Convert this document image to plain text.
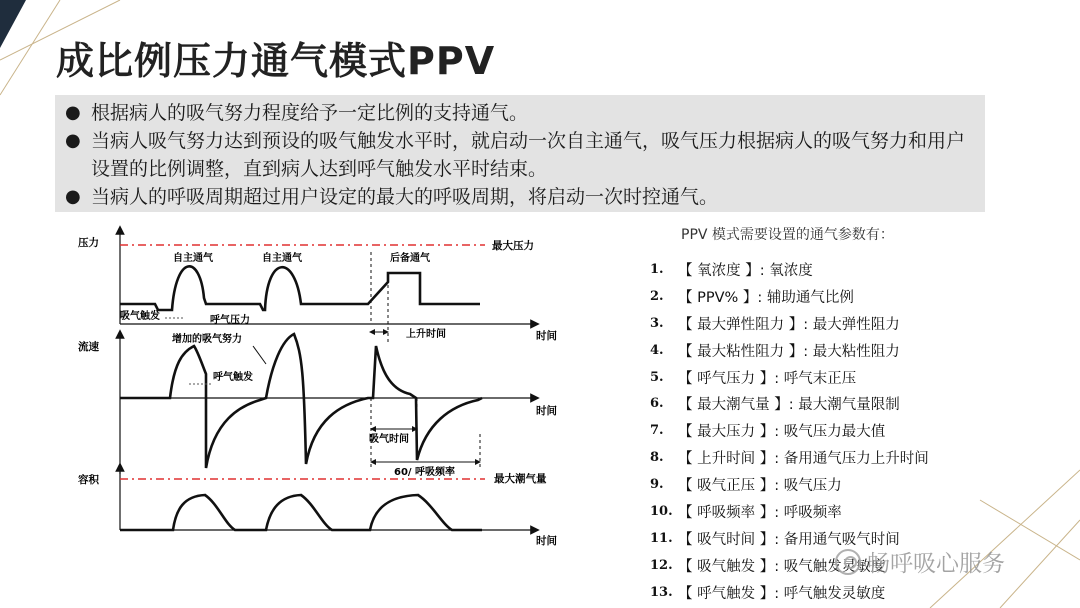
成比例压力通气模式PPV
● 根据病人的吸气努力程度给予一定比例的支持通气。
● 当病人吸气努力达到预设的吸气触发水平时，就启动一次自主通气，吸气压力根据病人的吸气努力和用户设置的比例调整，直到病人达到呼气触发水平时结束。
● 当病人的呼吸周期超过用户设定的最大的呼吸周期，将启动一次时控通气。
压力
时间
最大压力
自主通气	自主通气	后备通气
吸气触发	呼气压力
上升时间
流速
时间
增加的吸气努力
呼气触发
吸气时间
60/ 呼吸频率
容积
时间
最大潮气量
PPV 模式需要设置的通气参数有：
1. 【 氧浓度 】: 氧浓度
2. 【 PPV% 】: 辅助通气比例
3. 【 最大弹性阻力 】: 最大弹性阻力
4. 【 最大粘性阻力 】: 最大粘性阻力
5. 【 呼气压力 】: 呼气末正压
6. 【 最大潮气量 】: 最大潮气量限制
7. 【 最大压力 】: 吸气压力最大值
8. 【 上升时间 】: 备用通气压力上升时间
9. 【 吸气正压 】: 吸气压力
10. 【 呼吸频率 】: 呼吸频率
11. 【 吸气时间 】: 备用通气吸气时间
12. 【 吸气触发 】: 吸气触发灵敏度
13. 【 呼气触发 】: 呼气触发灵敏度
畅呼吸心服务
